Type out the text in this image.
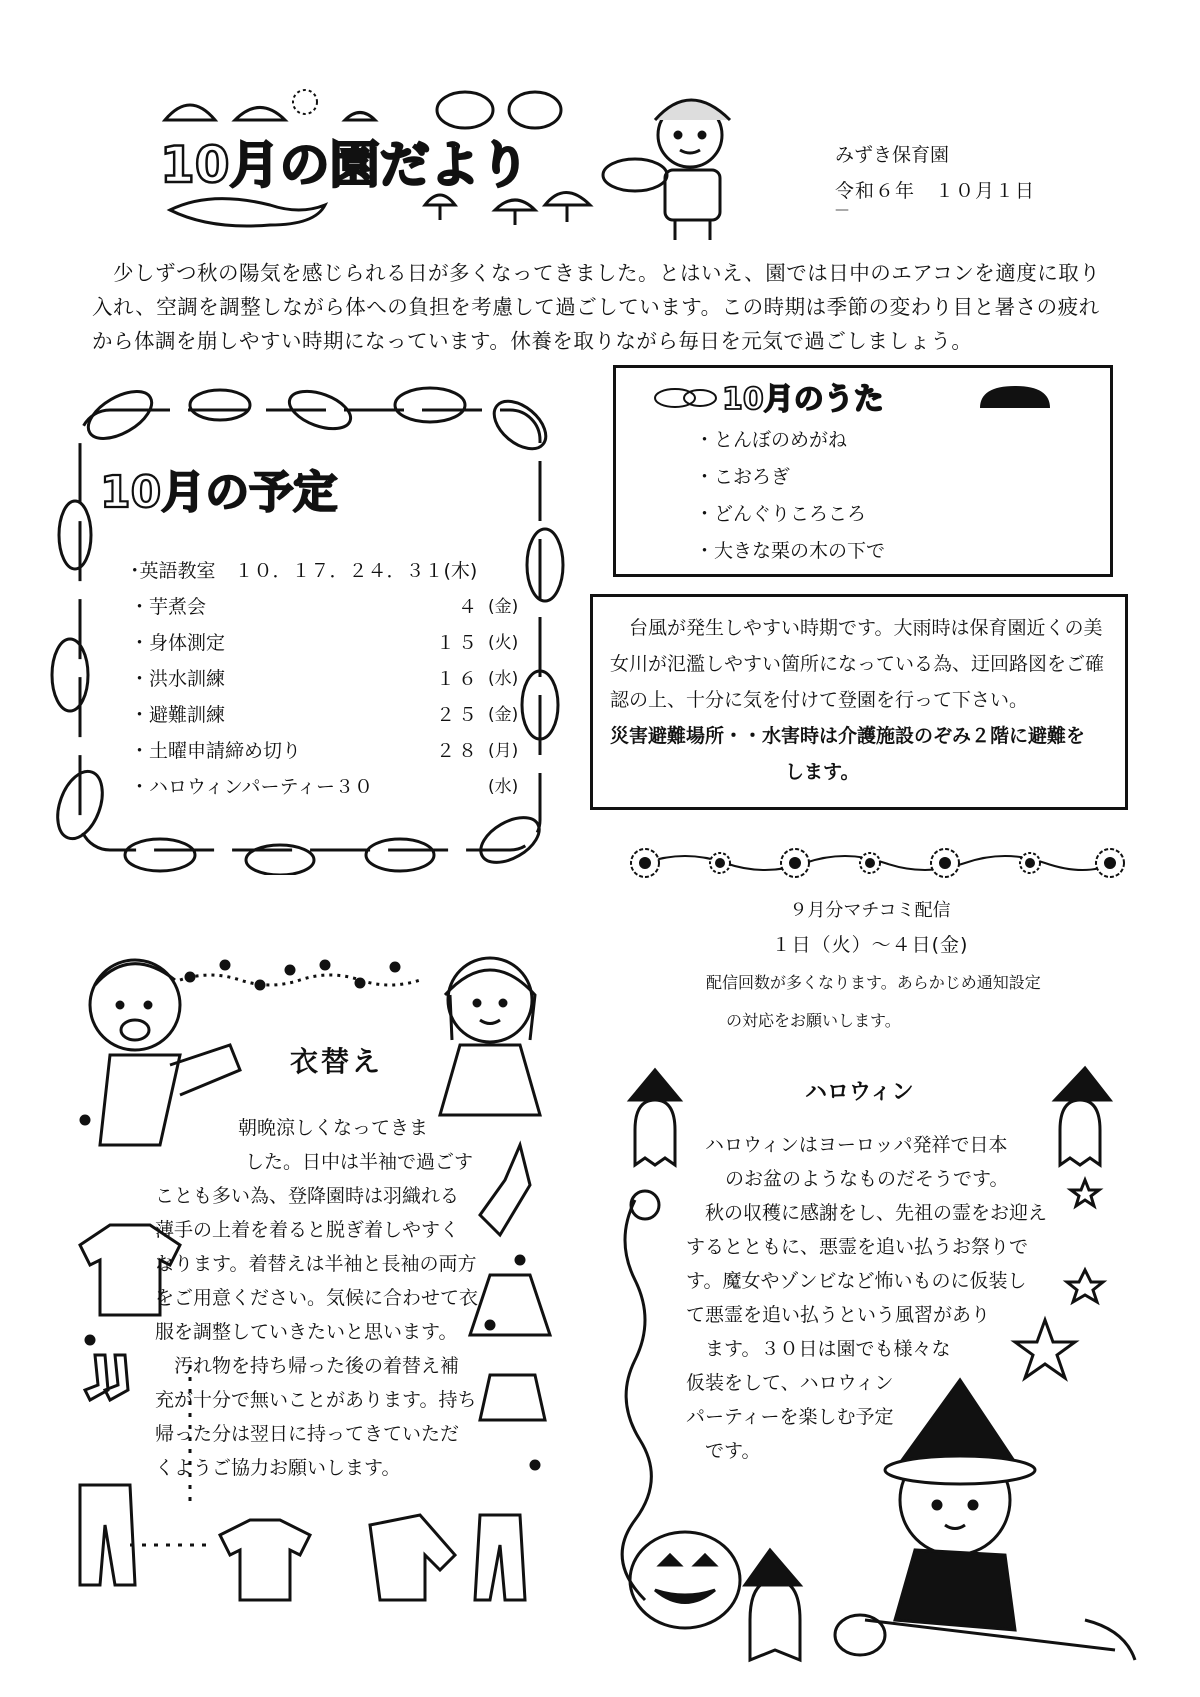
10月の園だより	みずき保育園
令和６年　１０月１日
—
　少しずつ秋の陽気を感じられる日が多くなってきました。とはいえ、園では日中のエアコンを適度に取り入れ、空調を調整しながら体への負担を考慮して過ごしています。この時期は季節の変わり目と暑さの疲れから体調を崩しやすい時期になっています。休養を取りながら毎日を元気で過ごしましょう。
10月の予定
･英語教室　１０．１７．２４．３１(木)
・芋煮会	４ (金)
・身体測定	１５ (火)
・洪水訓練	１６ (水)
・避難訓練	２５ (金)
・土曜申請締め切り	２８ (月)
・ハロウィンパーティー３０	(水)
10月のうた
・とんぼのめがね
・こおろぎ
・どんぐりころころ
・大きな栗の木の下で
　台風が発生しやすい時期です。大雨時は保育園近くの美女川が氾濫しやすい箇所になっている為、迂回路図をご確認の上、十分に気を付けて登園を行って下さい。
災害避難場所・・水害時は介護施設のぞみ２階に避難を
します。
９月分マチコミ配信
１日（火）～４日(金)
配信回数が多くなります。あらかじめ通知設定
の対応をお願いします。
衣替え
朝晩涼しくなってきま
した。日中は半袖で過ごす
ことも多い為、登降園時は羽織れる
薄手の上着を着ると脱ぎ着しやすく
なります。着替えは半袖と長袖の両方
をご用意ください。気候に合わせて衣
服を調整していきたいと思います。
　汚れ物を持ち帰った後の着替え補
充が十分で無いことがあります。持ち
帰った分は翌日に持ってきていただ
くようご協力お願いします。
ハロウィン
ハロウィンはヨーロッパ発祥で日本
のお盆のようなものだそうです。
秋の収穫に感謝をし、先祖の霊をお迎え
するとともに、悪霊を追い払うお祭りで
す。魔女やゾンビなど怖いものに仮装し
て悪霊を追い払うという風習があり
ます。３０日は園でも様々な
仮装をして、ハロウィン
パーティーを楽しむ予定
です。
